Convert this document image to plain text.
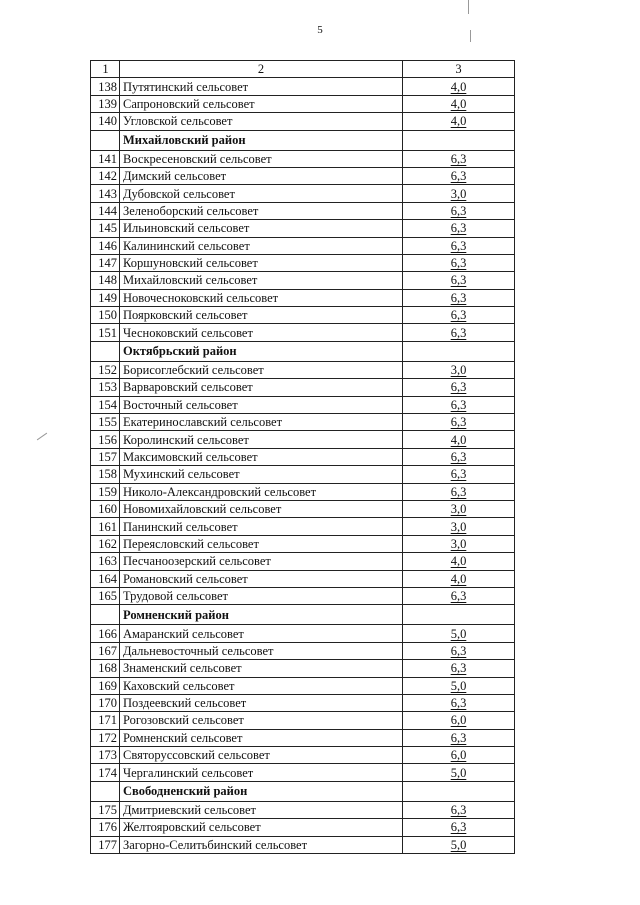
5
1	2	3
138	Путятинский сельсовет	4,0
139	Сапроновский сельсовет	4,0
140	Угловской сельсовет	4,0
	Михайловский район	
141	Воскресеновский сельсовет	6,3
142	Димский сельсовет	6,3
143	Дубовской сельсовет	3,0
144	Зеленоборский сельсовет	6,3
145	Ильиновский сельсовет	6,3
146	Калининский сельсовет	6,3
147	Коршуновский сельсовет	6,3
148	Михайловский сельсовет	6,3
149	Новочесноковский сельсовет	6,3
150	Поярковский сельсовет	6,3
151	Чесноковский сельсовет	6,3
	Октябрьский район	
152	Борисоглебский сельсовет	3,0
153	Варваровский сельсовет	6,3
154	Восточный сельсовет	6,3
155	Екатеринославский сельсовет	6,3
156	Королинский сельсовет	4,0
157	Максимовский сельсовет	6,3
158	Мухинский сельсовет	6,3
159	Николо-Александровский сельсовет	6,3
160	Новомихайловский сельсовет	3,0
161	Панинский сельсовет	3,0
162	Переясловский сельсовет	3,0
163	Песчаноозерский сельсовет	4,0
164	Романовский сельсовет	4,0
165	Трудовой сельсовет	6,3
	Ромненский район	
166	Амаранский сельсовет	5,0
167	Дальневосточный сельсовет	6,3
168	Знаменский сельсовет	6,3
169	Каховский сельсовет	5,0
170	Поздеевский сельсовет	6,3
171	Рогозовский сельсовет	6,0
172	Ромненский сельсовет	6,3
173	Святоруссовский сельсовет	6,0
174	Чергалинский сельсовет	5,0
	Свободненский район	
175	Дмитриевский сельсовет	6,3
176	Желтояровский сельсовет	6,3
177	Загорно-Селитьбинский сельсовет	5,0
